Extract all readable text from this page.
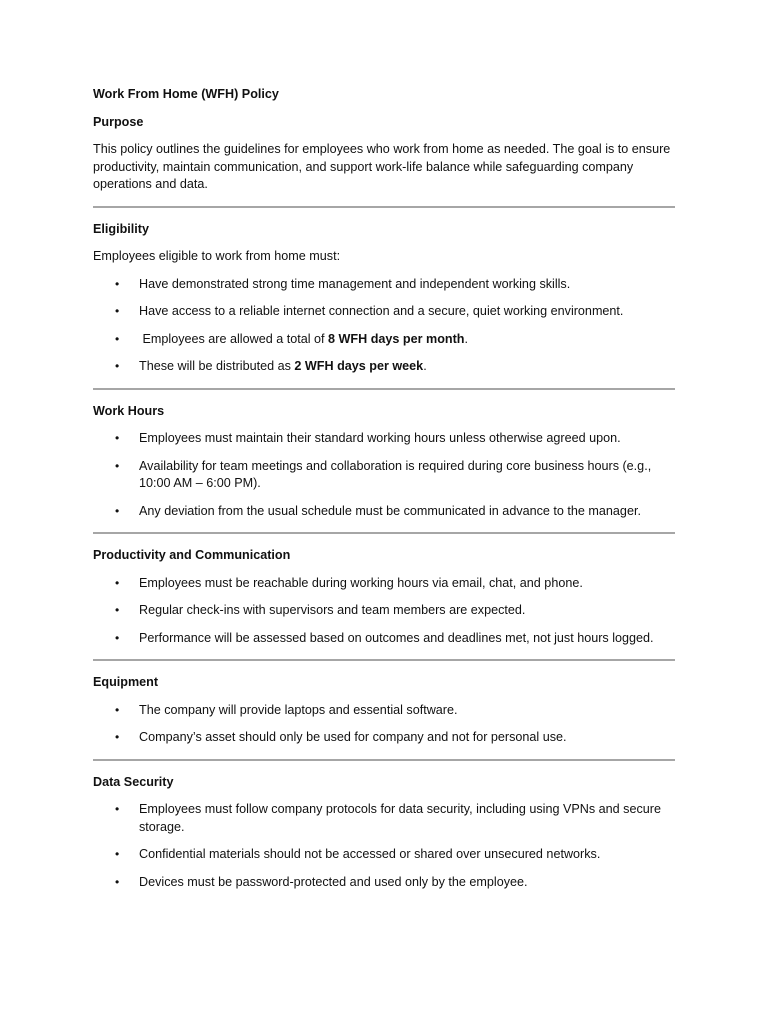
Work From Home (WFH) Policy
Purpose

This policy outlines the guidelines for employees who work from home as needed. The goal is to ensure productivity, maintain communication, and support work-life balance while safeguarding company operations and data.

Eligibility

Employees eligible to work from home must:

• Have demonstrated strong time management and independent working skills.
• Have access to a reliable internet connection and a secure, quiet working environment.
• Employees are allowed a total of 8 WFH days per month.
• These will be distributed as 2 WFH days per week.
Work Hours
• Employees must maintain their standard working hours unless otherwise agreed upon.
• Availability for team meetings and collaboration is required during core business hours (e.g., 10:00 AM – 6:00 PM).
• Any deviation from the usual schedule must be communicated in advance to the manager.
Productivity and Communication
• Employees must be reachable during working hours via email, chat, and phone.
• Regular check-ins with supervisors and team members are expected.
• Performance will be assessed based on outcomes and deadlines met, not just hours logged.
Equipment
• The company will provide laptops and essential software.
• Company’s asset should only be used for company and not for personal use.
Data Security
• Employees must follow company protocols for data security, including using VPNs and secure storage.
• Confidential materials should not be accessed or shared over unsecured networks.
• Devices must be password-protected and used only by the employee.
